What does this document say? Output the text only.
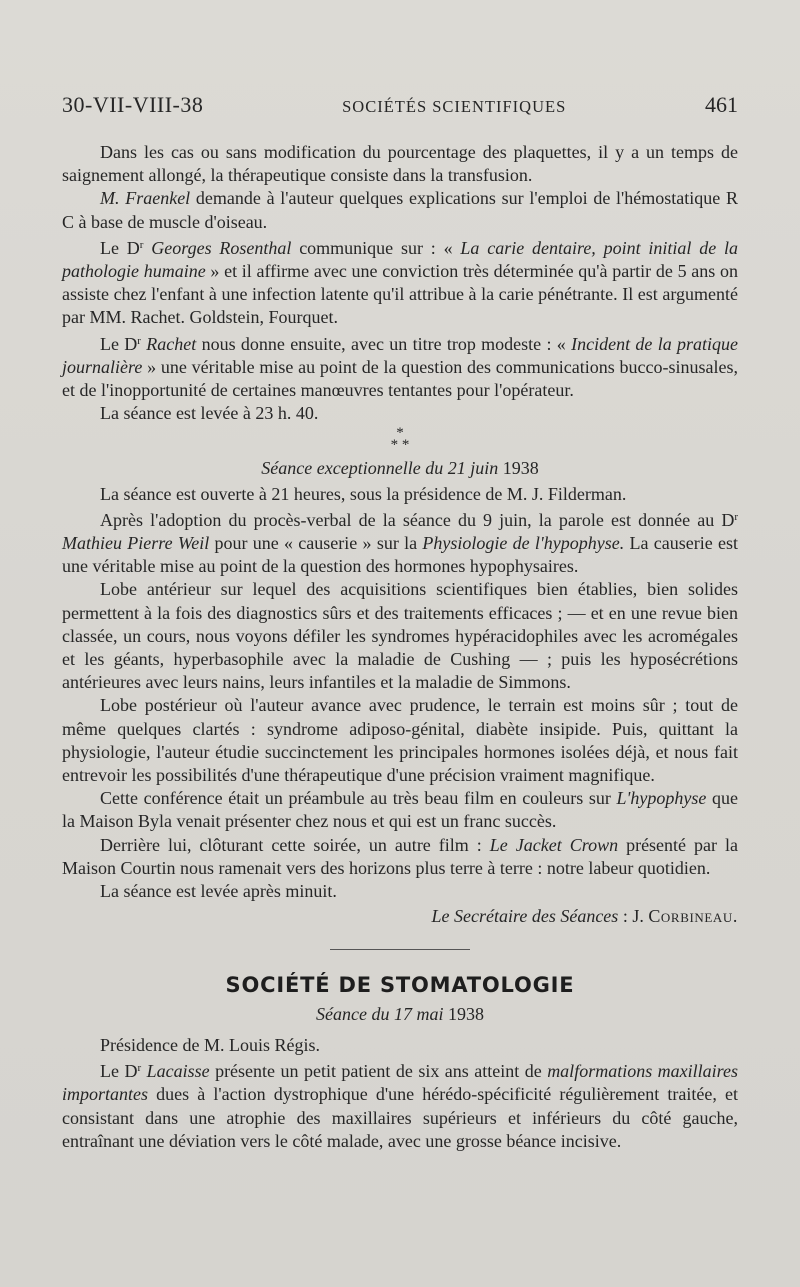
30-VII-VIII-38	SOCIÉTÉS SCIENTIFIQUES	461

Dans les cas ou sans modification du pourcentage des plaquettes, il y a un temps de saignement allongé, la thérapeutique consiste dans la transfusion.

M. Fraenkel demande à l'auteur quelques explications sur l'emploi de l'hémostatique R C à base de muscle d'oiseau.

Le $D^r$ Georges Rosenthal communique sur : « La carie dentaire, point initial de la pathologie humaine » et il affirme avec une conviction très déterminée qu'à partir de 5 ans on assiste chez l'enfant à une infection latente qu'il attribue à la carie pénétrante. Il est argumenté par MM. Rachet. Goldstein, Fourquet.

Le $D^r$ Rachet nous donne ensuite, avec un titre trop modeste : « Incident de la pratique journalière » une véritable mise au point de la question des communications bucco-sinusales, et de l'inopportunité de certaines manœuvres tentantes pour l'opérateur.

La séance est levée à 23 h. 40.

*
* *
Séance exceptionnelle du 21 juin 1938

La séance est ouverte à 21 heures, sous la présidence de M. J. Filderman.

Après l'adoption du procès-verbal de la séance du 9 juin, la parole est donnée au $D^r$ Mathieu Pierre Weil pour une « causerie » sur la Physiologie de l'hypophyse. La causerie est une véritable mise au point de la question des hormones hypophysaires.

Lobe antérieur sur lequel des acquisitions scientifiques bien établies, bien solides permettent à la fois des diagnostics sûrs et des traitements efficaces ; — et en une revue bien classée, un cours, nous voyons défiler les syndromes hypéracidophiles avec les acromégales et les géants, hyperbasophile avec la maladie de Cushing — ; puis les hyposécrétions antérieures avec leurs nains, leurs infantiles et la maladie de Simmons.

Lobe postérieur où l'auteur avance avec prudence, le terrain est moins sûr ; tout de même quelques clartés : syndrome adiposo-génital, diabète insipide. Puis, quittant la physiologie, l'auteur étudie succinctement les principales hormones isolées déjà, et nous fait entrevoir les possibilités d'une thérapeutique d'une précision vraiment magnifique.

Cette conférence était un préambule au très beau film en couleurs sur L'hypophyse que la Maison Byla venait présenter chez nous et qui est un franc succès.

Derrière lui, clôturant cette soirée, un autre film : Le Jacket Crown présenté par la Maison Courtin nous ramenait vers des horizons plus terre à terre : notre labeur quotidien.

La séance est levée après minuit.

Le Secrétaire des Séances : J. Corbineau.
SOCIÉTÉ DE STOMATOLOGIE
Séance du 17 mai 1938

Présidence de M. Louis Régis.

Le $D^r$ Lacaisse présente un petit patient de six ans atteint de malformations maxillaires importantes dues à l'action dystrophique d'une hérédo-spécificité régulièrement traitée, et consistant dans une atrophie des maxillaires supérieurs et inférieurs du côté gauche, entraînant une déviation vers le côté malade, avec une grosse béance incisive.
